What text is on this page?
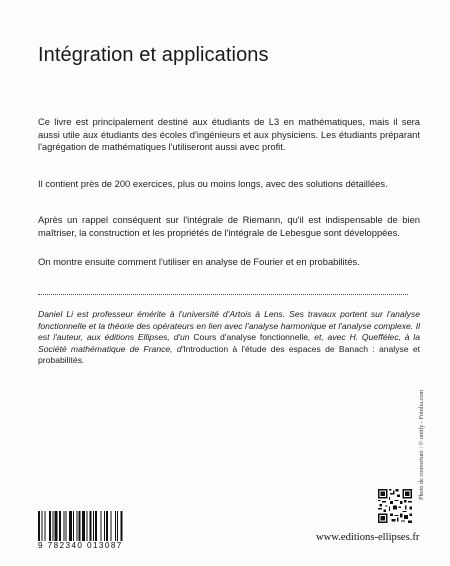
Intégration et applications
Ce livre est principalement destiné aux étudiants de L3 en mathématiques, mais il sera aussi utile aux étudiants des écoles d'ingénieurs et aux physiciens. Les étudiants préparant l'agrégation de mathématiques l'utiliseront aussi avec profit.
Il contient près de 200 exercices, plus ou moins longs, avec des solutions détaillées.
Après un rappel conséquent sur l'intégrale de Riemann, qu'il est indispensable de bien maîtriser, la construction et les propriétés de l'intégrale de Lebesgue sont développées.
On montre ensuite comment l'utiliser en analyse de Fourier et en probabilités.
Daniel Li est professeur émérite à l'université d'Artois à Lens. Ses travaux portent sur l'analyse fonctionnelle et la théorie des opérateurs en lien avec l'analyse harmonique et l'analyse complexe. Il est l'auteur, aux éditions Ellipses, d'un Cours d'analyse fonctionnelle, et, avec H. Queffélec, à la Société mathématique de France, d'Introduction à l'étude des espaces de Banach : analyse et probabilités.
Photo de couverture : © unitly - Fotolia.com
9 782340 013087
www.editions-ellipses.fr
